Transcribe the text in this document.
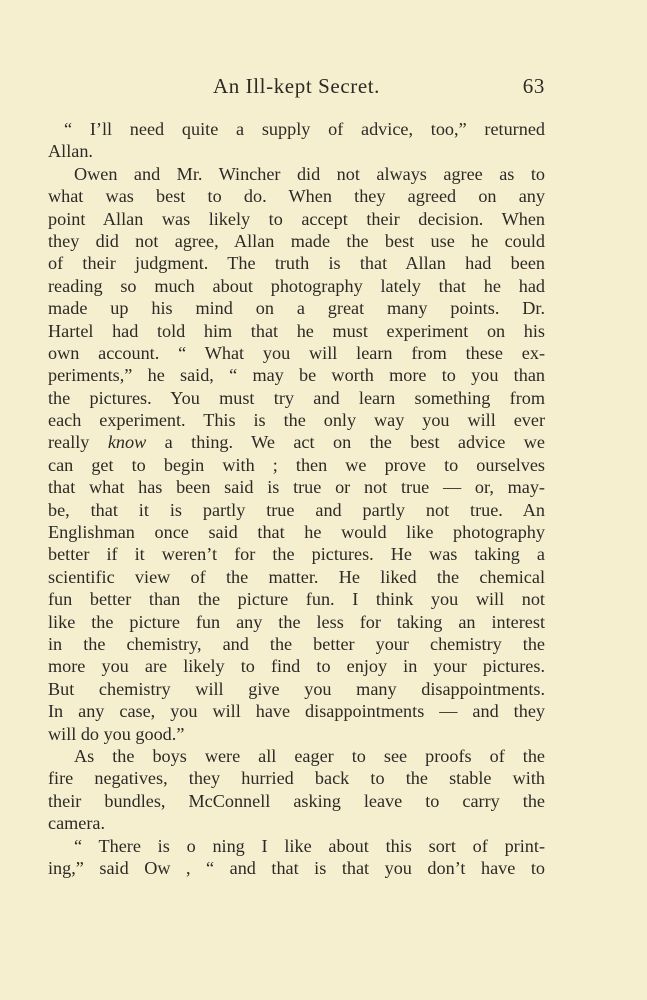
An Ill-kept Secret.	63
“ I’ll need quite a supply of advice, too,” returned
Allan.
Owen and Mr. Wincher did not always agree as to
what was best to do. When they agreed on any
point Allan was likely to accept their decision. When
they did not agree, Allan made the best use he could
of their judgment. The truth is that Allan had been
reading so much about photography lately that he had
made up his mind on a great many points. Dr.
Hartel had told him that he must experiment on his
own account. “ What you will learn from these ex-
periments,” he said, “ may be worth more to you than
the pictures. You must try and learn something from
each experiment. This is the only way you will ever
really know a thing. We act on the best advice we
can get to begin with ; then we prove to ourselves
that what has been said is true or not true — or, may-
be, that it is partly true and partly not true. An
Englishman once said that he would like photography
better if it weren’t for the pictures. He was taking a
scientific view of the matter. He liked the chemical
fun better than the picture fun. I think you will not
like the picture fun any the less for taking an interest
in the chemistry, and the better your chemistry the
more you are likely to find to enjoy in your pictures.
But chemistry will give you many disappointments.
In any case, you will have disappointments — and they
will do you good.”
As the boys were all eager to see proofs of the
fire negatives, they hurried back to the stable with
their bundles, McConnell asking leave to carry the
camera.
“ There is o ning I like about this sort of print-
ing,” said Ow , “ and that is that you don’t have to
